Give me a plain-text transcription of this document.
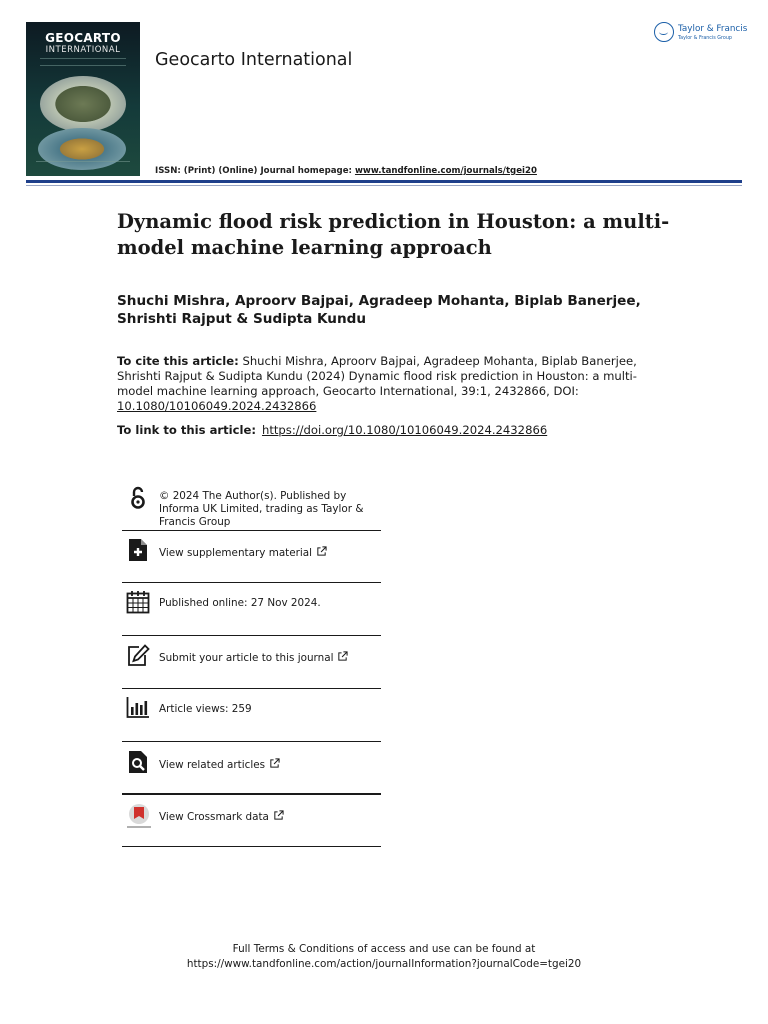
GEOCARTO
INTERNATIONAL	Geocarto International
ISSN: (Print) (Online) Journal homepage: www.tandfonline.com/journals/tgei20
Taylor & Francis
Taylor & Francis Group
Dynamic flood risk prediction in Houston: a multi-model machine learning approach
Shuchi Mishra, Aproorv Bajpai, Agradeep Mohanta, Biplab Banerjee, Shrishti Rajput & Sudipta Kundu
To cite this article: Shuchi Mishra, Aproorv Bajpai, Agradeep Mohanta, Biplab Banerjee, Shrishti Rajput & Sudipta Kundu (2024) Dynamic flood risk prediction in Houston: a multi-model machine learning approach, Geocarto International, 39:1, 2432866, DOI: 10.1080/10106049.2024.2432866
To link to this article: https://doi.org/10.1080/10106049.2024.2432866
© 2024 The Author(s). Published by Informa UK Limited, trading as Taylor & Francis Group
View supplementary material
Published online: 27 Nov 2024.
Submit your article to this journal
Article views: 259
View related articles
View Crossmark data
Full Terms & Conditions of access and use can be found at
https://www.tandfonline.com/action/journalInformation?journalCode=tgei20
